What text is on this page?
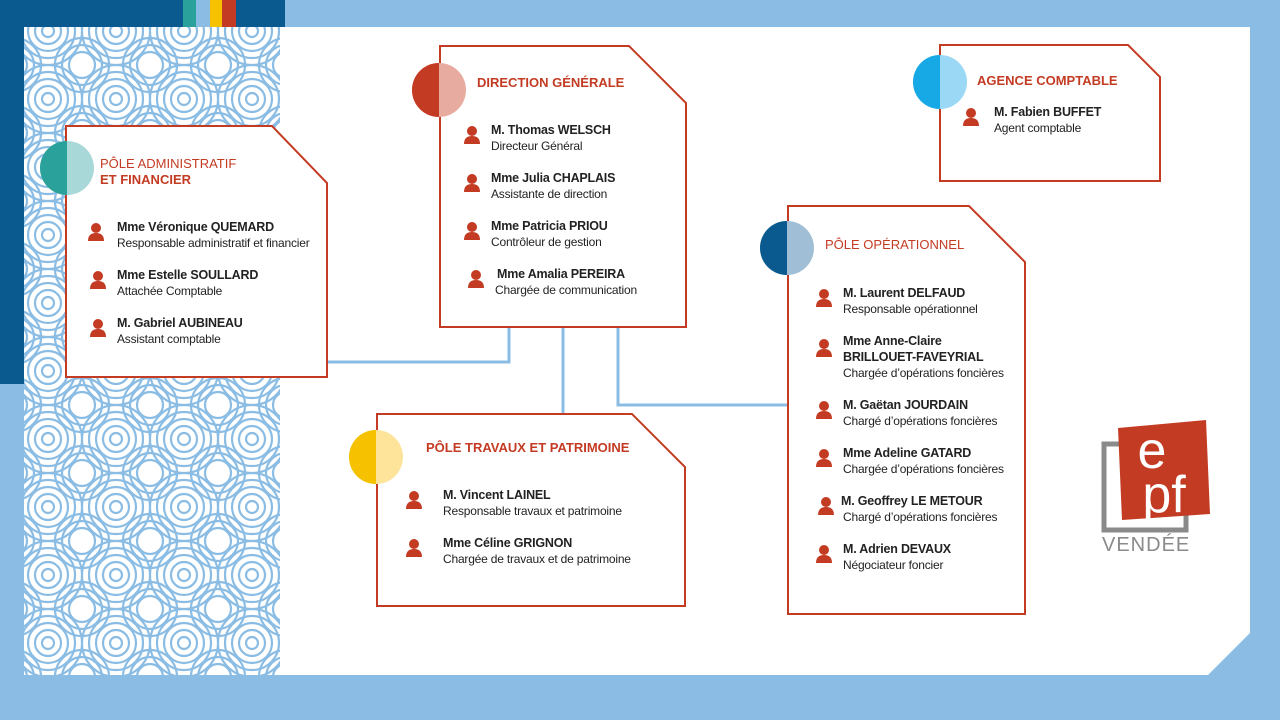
DIRECTION GÉNÉRALE
M. Thomas WELSCH
Directeur Général
Mme Julia CHAPLAIS
Assistante de direction
Mme Patricia PRIOU
Contrôleur de gestion
Mme Amalia PEREIRA
Chargée de communication
AGENCE COMPTABLE
M. Fabien BUFFET
Agent comptable
PÔLE ADMINISTRATIF
ET FINANCIER
Mme Véronique QUEMARD
Responsable administratif et financier
Mme Estelle SOULLARD
Attachée Comptable
M. Gabriel AUBINEAU
Assistant comptable
PÔLE OPÉRATIONNEL
M. Laurent DELFAUD
Responsable opérationnel
Mme Anne-Claire
BRILLOUET-FAVEYRIAL
Chargée d’opérations foncières
M. Gaëtan JOURDAIN
Chargé d’opérations foncières
Mme Adeline GATARD
Chargée d’opérations foncières
M. Geoffrey LE METOUR
Chargé d’opérations foncières
M. Adrien DEVAUX
Négociateur foncier
PÔLE TRAVAUX ET PATRIMOINE
M. Vincent LAINEL
Responsable travaux et patrimoine
Mme Céline GRIGNON
Chargée de travaux et de patrimoine
e pf
VENDÉE
